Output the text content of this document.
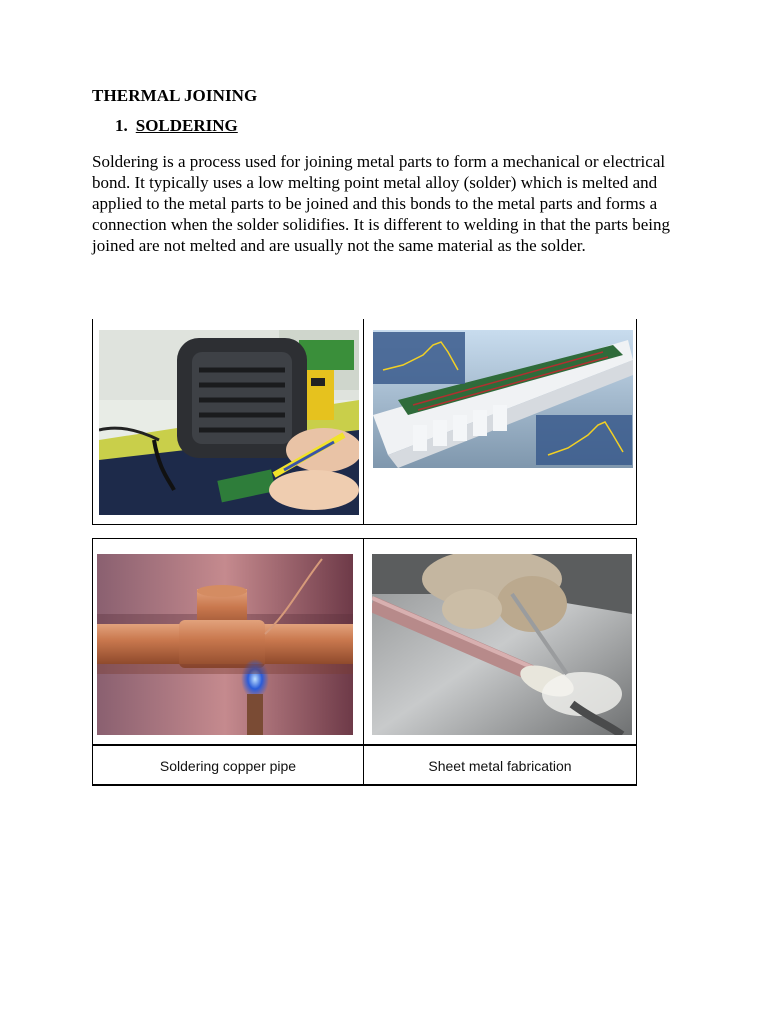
THERMAL JOINING
1. SOLDERING
Soldering is a process used for joining metal parts to form a mechanical or electrical bond. It typically uses a low melting point metal alloy (solder) which is melted and applied to the metal parts to be joined and this bonds to the metal parts and forms a connection when the solder solidifies. It is different to welding in that the parts being joined are not melted and are usually not the same material as the solder.
Soldering copper pipe	Sheet metal fabrication
